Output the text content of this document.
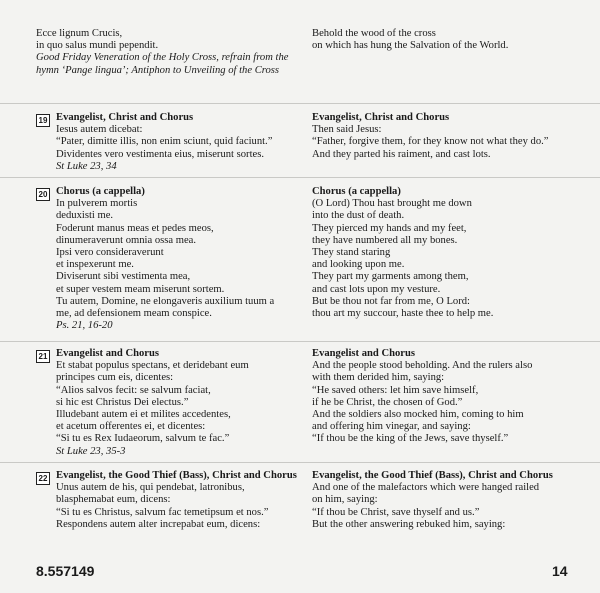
Ecce lignum Crucis,
in quo salus mundi pependit.
Good Friday Veneration of the Holy Cross, refrain from the hymn ‘Pange lingua’; Antiphon to Unveiling of the Cross
Behold the wood of the cross
on which has hung the Salvation of the World.
19 Evangelist, Christ and Chorus
Iesus autem dicebat:
“Pater, dimitte illis, non enim sciunt, quid faciunt.”
Dividentes vero vestimenta eius, miserunt sortes.
St Luke 23, 34
Evangelist, Christ and Chorus
Then said Jesus:
“Father, forgive them, for they know not what they do.”
And they parted his raiment, and cast lots.
20 Chorus (a cappella)
In pulverem mortis
deduxisti me.
Foderunt manus meas et pedes meos,
dinumeraverunt omnia ossa mea.
Ipsi vero consideraverunt
et inspexerunt me.
Diviserunt sibi vestimenta mea,
et super vestem meam miserunt sortem.
Tu autem, Domine, ne elongaveris auxilium tuum a
me, ad defensionem meam conspice.
Ps. 21, 16-20
Chorus (a cappella)
(O Lord) Thou hast brought me down
into the dust of death.
They pierced my hands and my feet,
they have numbered all my bones.
They stand staring
and looking upon me.
They part my garments among them,
and cast lots upon my vesture.
But be thou not far from me, O Lord:
thou art my succour, haste thee to help me.
21 Evangelist and Chorus
Et stabat populus spectans, et deridebant eum
principes cum eis, dicentes:
“Alios salvos fecit: se salvum faciat,
si hic est Christus Dei electus.”
Illudebant autem ei et milites accedentes,
et acetum offerentes ei, et dicentes:
“Si tu es Rex Iudaeorum, salvum te fac.”
St Luke 23, 35-3
Evangelist and Chorus
And the people stood beholding. And the rulers also
with them derided him, saying:
“He saved others: let him save himself,
if he be Christ, the chosen of God.”
And the soldiers also mocked him, coming to him
and offering him vinegar, and saying:
“If thou be the king of the Jews, save thyself.”
22 Evangelist, the Good Thief (Bass), Christ and Chorus
Unus autem de his, qui pendebat, latronibus,
blasphemabat eum, dicens:
“Si tu es Christus, salvum fac temetipsum et nos.”
Respondens autem alter increpabat eum, dicens:
Evangelist, the Good Thief (Bass), Christ and Chorus
And one of the malefactors which were hanged railed
on him, saying:
“If thou be Christ, save thyself and us.”
But the other answering rebuked him, saying:
8.557149	14
